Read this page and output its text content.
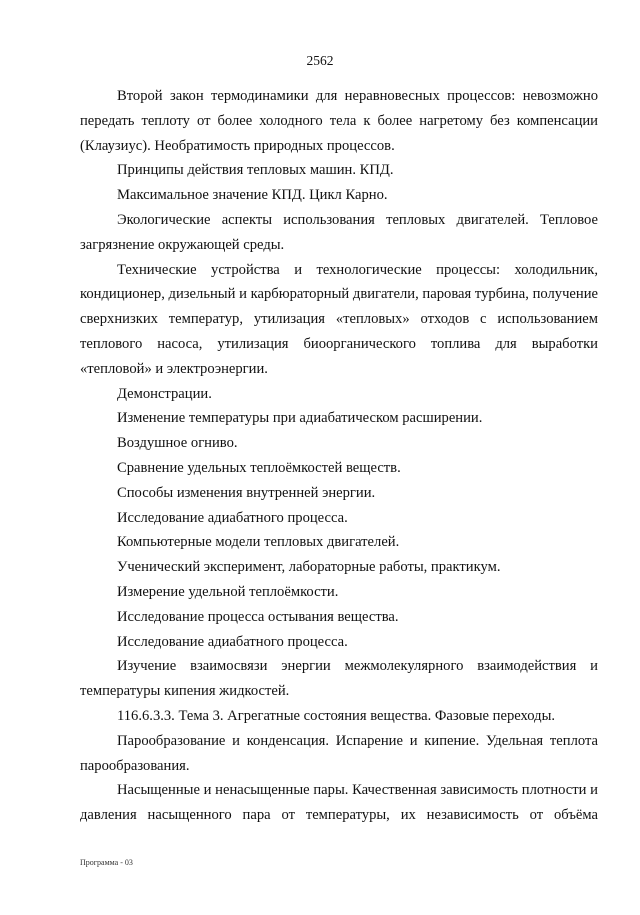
2562

Второй закон термодинамики для неравновесных процессов: невозможно передать теплоту от более холодного тела к более нагретому без компенсации (Клаузиус). Необратимость природных процессов.

Принципы действия тепловых машин. КПД.

Максимальное значение КПД. Цикл Карно.

Экологические аспекты использования тепловых двигателей. Тепловое загрязнение окружающей среды.

Технические устройства и технологические процессы: холодильник, кондиционер, дизельный и карбюраторный двигатели, паровая турбина, получение сверхнизких температур, утилизация «тепловых» отходов с использованием теплового насоса, утилизация биоорганического топлива для выработки «тепловой» и электроэнергии.

Демонстрации.

Изменение температуры при адиабатическом расширении.

Воздушное огниво.

Сравнение удельных теплоёмкостей веществ.

Способы изменения внутренней энергии.

Исследование адиабатного процесса.

Компьютерные модели тепловых двигателей.

Ученический эксперимент, лабораторные работы, практикум.

Измерение удельной теплоёмкости.

Исследование процесса остывания вещества.

Исследование адиабатного процесса.

Изучение взаимосвязи энергии межмолекулярного взаимодействия и температуры кипения жидкостей.

116.6.3.3. Тема 3. Агрегатные состояния вещества. Фазовые переходы.

Парообразование и конденсация. Испарение и кипение. Удельная теплота парообразования.

Насыщенные и ненасыщенные пары. Качественная зависимость плотности и давления насыщенного пара от температуры, их независимость от объёма

Программа - 03
